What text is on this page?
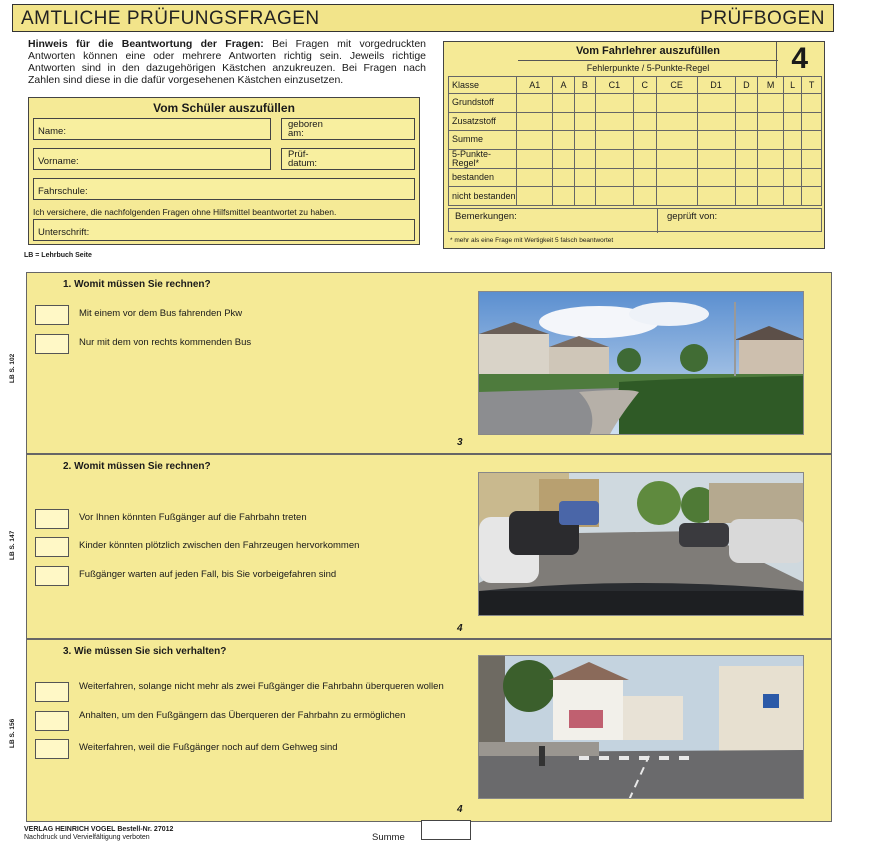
AMTLICHE PRÜFUNGSFRAGEN	PRÜFBOGEN
Hinweis für die Beantwortung der Fragen: Bei Fragen mit vorgedruckten Antworten können eine oder mehrere Antworten richtig sein. Jeweils richtige Antworten sind in den dazugehörigen Kästchen anzukreuzen. Bei Fragen nach Zahlen sind diese in die dafür vorgesehenen Kästchen einzusetzen.
Vom Schüler auszufüllen
Name:
geboren
am:
Vorname:
Prüf-
datum:
Fahrschule:
Ich versichere, die nachfolgenden Fragen ohne Hilfsmittel beantwortet zu haben.
Unterschrift:
Vom Fahrlehrer auszufüllen
Fehlerpunkte / 5-Punkte-Regel	4
Klasse	A1	A	B	C1	C	CE	D1	D	M	L	T
Grundstoff											
Zusatzstoff											
Summe											
5-Punkte-Regel*											
bestanden											
nicht bestanden											
Bemerkungen:	geprüft von:
* mehr als eine Frage mit Wertigkeit 5 falsch beantwortet
LB = Lehrbuch Seite
1. Womit müssen Sie rechnen?
LB S. 102
Mit einem vor dem Bus fahrenden Pkw
Nur mit dem von rechts kommenden Bus
3
2. Womit müssen Sie rechnen?
LB S. 147
Vor Ihnen könnten Fußgänger auf die Fahrbahn treten
Kinder könnten plötzlich zwischen den Fahrzeugen hervorkommen
Fußgänger warten auf jeden Fall, bis Sie vorbeigefahren sind
4
3. Wie müssen Sie sich verhalten?
LB S. 156
Weiterfahren, solange nicht mehr als zwei Fußgänger die Fahrbahn überqueren wollen
Anhalten, um den Fußgängern das Überqueren der Fahrbahn zu ermöglichen
Weiterfahren, weil die Fußgänger noch auf dem Gehweg sind
4
VERLAG HEINRICH VOGEL Bestell-Nr. 27012
Nachdruck und Vervielfältigung verboten	Summe
